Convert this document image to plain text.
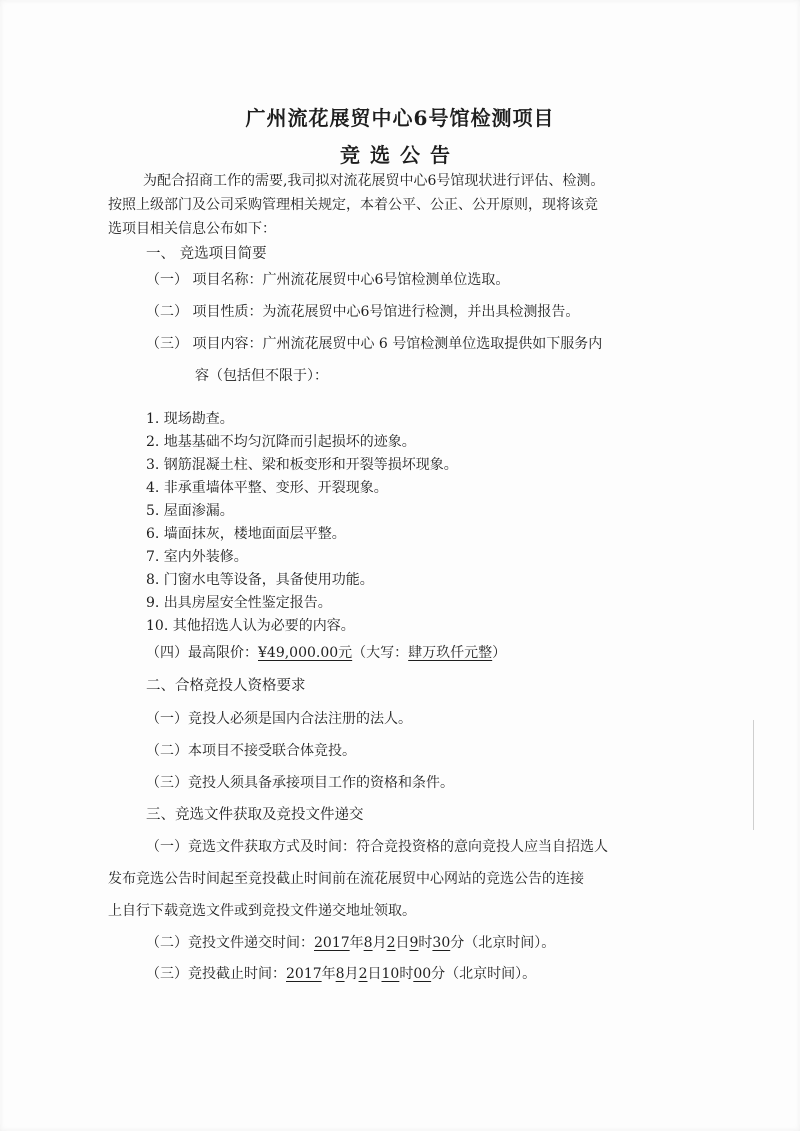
广州流花展贸中心6号馆检测项目
竞选公告

为配合招商工作的需要,我司拟对流花展贸中心6号馆现状进行评估、检测。

按照上级部门及公司采购管理相关规定，本着公平、公正、公开原则，现将该竞

选项目相关信息公布如下：

一、 竞选项目简要

（一） 项目名称：广州流花展贸中心6号馆检测单位选取。

（二） 项目性质：为流花展贸中心6号馆进行检测，并出具检测报告。

（三） 项目内容：广州流花展贸中心 6 号馆检测单位选取提供如下服务内

容（包括但不限于）：

1. 现场勘查。

2. 地基基础不均匀沉降而引起损坏的迹象。

3. 钢筋混凝土柱、梁和板变形和开裂等损坏现象。

4. 非承重墙体平整、变形、开裂现象。

5. 屋面渗漏。

6. 墙面抹灰，楼地面面层平整。

7. 室内外装修。

8. 门窗水电等设备，具备使用功能。

9. 出具房屋安全性鉴定报告。

10. 其他招选人认为必要的内容。

（四）最高限价：¥49,000.00元（大写：肆万玖仟元整）

二、合格竞投人资格要求

（一）竞投人必须是国内合法注册的法人。

（二）本项目不接受联合体竞投。

（三）竞投人须具备承接项目工作的资格和条件。

三、竞选文件获取及竞投文件递交

（一）竞选文件获取方式及时间：符合竞投资格的意向竞投人应当自招选人

发布竞选公告时间起至竞投截止时间前在流花展贸中心网站的竞选公告的连接

上自行下载竞选文件或到竞投文件递交地址领取。

（二）竞投文件递交时间：2017年8月2日9时30分（北京时间）。

（三）竞投截止时间：2017年8月2日10时00分（北京时间）。
